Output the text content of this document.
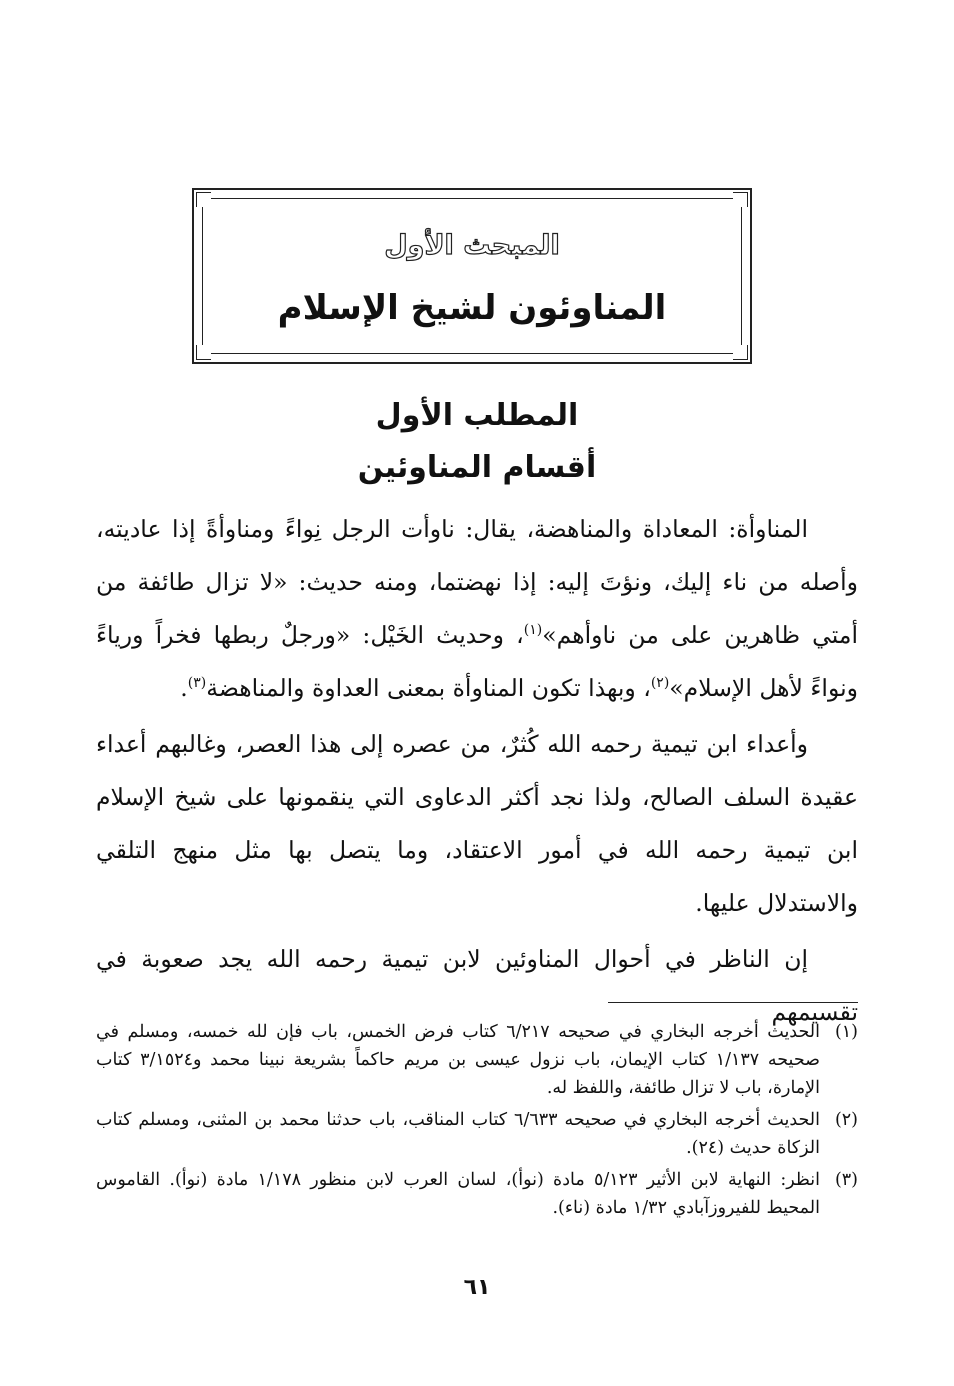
المبحث الأول
المناوئون لشيخ الإسلام
المطلب الأول
أقسام المناوئين

المناوأة: المعاداة والمناهضة، يقال: ناوأت الرجل نِواءً ومناوأةً إذا عاديته، وأصله من ناء إليك، ونؤتَ إليه: إذا نهضتما، ومنه حديث: «لا تزال طائفة من أمتي ظاهرين على من ناوأهم»$^{(١)}$، وحديث الخَيْل: «ورجلٌ ربطها فخراً ورياءً ونواءً لأهل الإسلام»$^{(٢)}$، وبهذا تكون المناوأة بمعنى العداوة والمناهضة$^{(٣)}$.

وأعداء ابن تيمية رحمه الله كُثرٌ، من عصره إلى هذا العصر، وغالبهم أعداء عقيدة السلف الصالح، ولذا نجد أكثر الدعاوى التي ينقمونها على شيخ الإسلام ابن تيمية رحمه الله في أمور الاعتقاد، وما يتصل بها مثل منهج التلقي والاستدلال عليها.

إن الناظر في أحوال المناوئين لابن تيمية رحمه الله يجد صعوبة في تقسيمهم

(١)
الحديث أخرجه البخاري في صحيحه ٦/٢١٧ كتاب فرض الخمس، باب فإن لله خمسه، ومسلم في صحيحه ١/١٣٧ كتاب الإيمان، باب نزول عيسى بن مريم حاكماً بشريعة نبينا محمد و٣/١٥٢٤ كتاب الإمارة، باب لا تزال طائفة، واللفظ له.
(٢)
الحديث أخرجه البخاري في صحيحه ٦/٦٣٣ كتاب المناقب، باب حدثنا محمد بن المثنى، ومسلم كتاب الزكاة حديث (٢٤).
(٣)
انظر: النهاية لابن الأثير ٥/١٢٣ مادة (نوأ)، لسان العرب لابن منظور ١/١٧٨ مادة (نوأ). القاموس المحيط للفيروزآبادي ١/٣٢ مادة (ناء).
٦١
